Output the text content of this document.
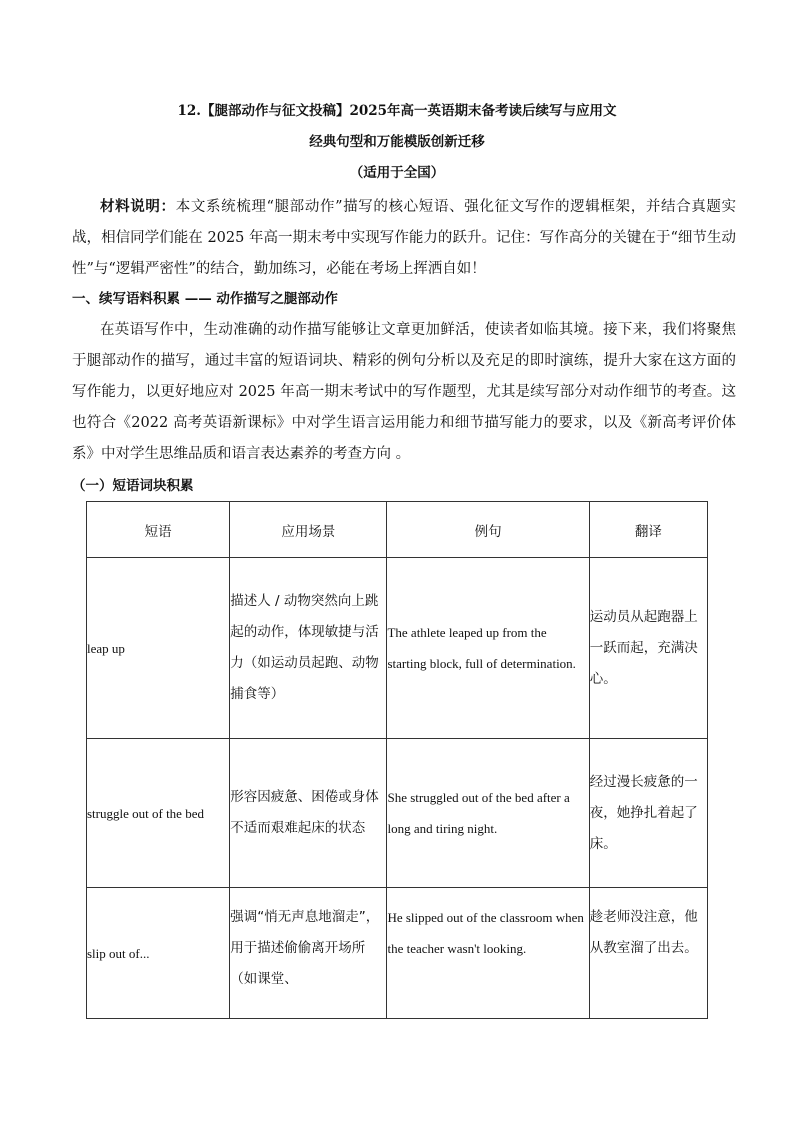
12.【腿部动作与征文投稿】2025年高一英语期末备考读后续写与应用文
经典句型和万能模版创新迁移
（适用于全国）

材料说明：本文系统梳理“腿部动作”描写的核心短语、强化征文写作的逻辑框架，并结合真题实战，相信同学们能在 2025 年高一期末考中实现写作能力的跃升。记住：写作高分的关键在于“细节生动性”与“逻辑严密性”的结合，勤加练习，必能在考场上挥洒自如！

一、续写语料积累 —— 动作描写之腿部动作

在英语写作中，生动准确的动作描写能够让文章更加鲜活，使读者如临其境。接下来，我们将聚焦于腿部动作的描写，通过丰富的短语词块、精彩的例句分析以及充足的即时演练，提升大家在这方面的写作能力，以更好地应对 2025 年高一期末考试中的写作题型，尤其是续写部分对动作细节的考查。这也符合《2022 高考英语新课标》中对学生语言运用能力和细节描写能力的要求，以及《新高考评价体系》中对学生思维品质和语言表达素养的考查方向 。

（一）短语词块积累
短语	应用场景	例句	翻译
leap up	描述人 / 动物突然向上跳起的动作，体现敏捷与活力（如运动员起跑、动物捕食等）	The athlete leaped up from the starting block, full of determination.	运动员从起跑器上一跃而起，充满决心。
struggle out of the bed	形容因疲惫、困倦或身体不适而艰难起床的状态	She struggled out of the bed after a long and tiring night.	经过漫长疲惫的一夜，她挣扎着起了床。
slip out of...	强调“悄无声息地溜走”，用于描述偷偷离开场所（如课堂、	He slipped out of the classroom when the teacher wasn't looking.	趁老师没注意，他从教室溜了出去。
